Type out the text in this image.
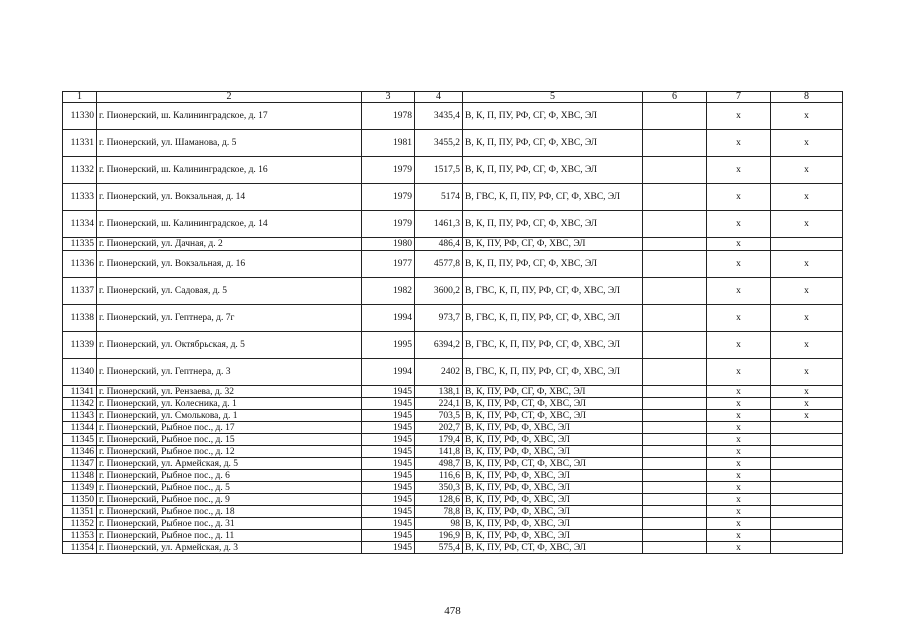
1	2	3	4	5	6	7	8
11330	г. Пионерский, ш. Калининградское, д. 17	1978	3435,4	В, К, П, ПУ, РФ, СГ, Ф, ХВС, ЭЛ		х	х
11331	г. Пионерский, ул. Шаманова, д. 5	1981	3455,2	В, К, П, ПУ, РФ, СГ, Ф, ХВС, ЭЛ		х	х
11332	г. Пионерский, ш. Калининградское, д. 16	1979	1517,5	В, К, П, ПУ, РФ, СГ, Ф, ХВС, ЭЛ		х	х
11333	г. Пионерский, ул. Вокзальная, д. 14	1979	5174	В, ГВС, К, П, ПУ, РФ, СГ, Ф, ХВС, ЭЛ		х	х
11334	г. Пионерский, ш. Калининградское, д. 14	1979	1461,3	В, К, П, ПУ, РФ, СГ, Ф, ХВС, ЭЛ		х	х
11335	г. Пионерский, ул. Дачная, д. 2	1980	486,4	В, К, ПУ, РФ, СГ, Ф, ХВС, ЭЛ		х	
11336	г. Пионерский, ул. Вокзальная, д. 16	1977	4577,8	В, К, П, ПУ, РФ, СГ, Ф, ХВС, ЭЛ		х	х
11337	г. Пионерский, ул. Садовая, д. 5	1982	3600,2	В, ГВС, К, П, ПУ, РФ, СГ, Ф, ХВС, ЭЛ		х	х
11338	г. Пионерский, ул. Гептнера, д. 7г	1994	973,7	В, ГВС, К, П, ПУ, РФ, СГ, Ф, ХВС, ЭЛ		х	х
11339	г. Пионерский, ул. Октябрьская, д. 5	1995	6394,2	В, ГВС, К, П, ПУ, РФ, СГ, Ф, ХВС, ЭЛ		х	х
11340	г. Пионерский, ул. Гептнера, д. 3	1994	2402	В, ГВС, К, П, ПУ, РФ, СГ, Ф, ХВС, ЭЛ		х	х
11341	г. Пионерский, ул. Рензаева, д. 32	1945	138,1	В, К, ПУ, РФ, СГ, Ф, ХВС, ЭЛ		х	х
11342	г. Пионерский, ул. Колесника, д. 1	1945	224,1	В, К, ПУ, РФ, СТ, Ф, ХВС, ЭЛ		х	х
11343	г. Пионерский, ул. Смолькова, д. 1	1945	703,5	В, К, ПУ, РФ, СТ, Ф, ХВС, ЭЛ		х	х
11344	г. Пионерский, Рыбное пос., д. 17	1945	202,7	В, К, ПУ, РФ, Ф, ХВС, ЭЛ		х	
11345	г. Пионерский, Рыбное пос., д. 15	1945	179,4	В, К, ПУ, РФ, Ф, ХВС, ЭЛ		х	
11346	г. Пионерский, Рыбное пос., д. 12	1945	141,8	В, К, ПУ, РФ, Ф, ХВС, ЭЛ		х	
11347	г. Пионерский, ул. Армейская, д. 5	1945	498,7	В, К, ПУ, РФ, СТ, Ф, ХВС, ЭЛ		х	
11348	г. Пионерский, Рыбное пос., д. 6	1945	116,6	В, К, ПУ, РФ, Ф, ХВС, ЭЛ		х	
11349	г. Пионерский, Рыбное пос., д. 5	1945	350,3	В, К, ПУ, РФ, Ф, ХВС, ЭЛ		х	
11350	г. Пионерский, Рыбное пос., д. 9	1945	128,6	В, К, ПУ, РФ, Ф, ХВС, ЭЛ		х	
11351	г. Пионерский, Рыбное пос., д. 18	1945	78,8	В, К, ПУ, РФ, Ф, ХВС, ЭЛ		х	
11352	г. Пионерский, Рыбное пос., д. 31	1945	98	В, К, ПУ, РФ, Ф, ХВС, ЭЛ		х	
11353	г. Пионерский, Рыбное пос., д. 11	1945	196,9	В, К, ПУ, РФ, Ф, ХВС, ЭЛ		х	
11354	г. Пионерский, ул. Армейская, д. 3	1945	575,4	В, К, ПУ, РФ, СТ, Ф, ХВС, ЭЛ		х	
478
